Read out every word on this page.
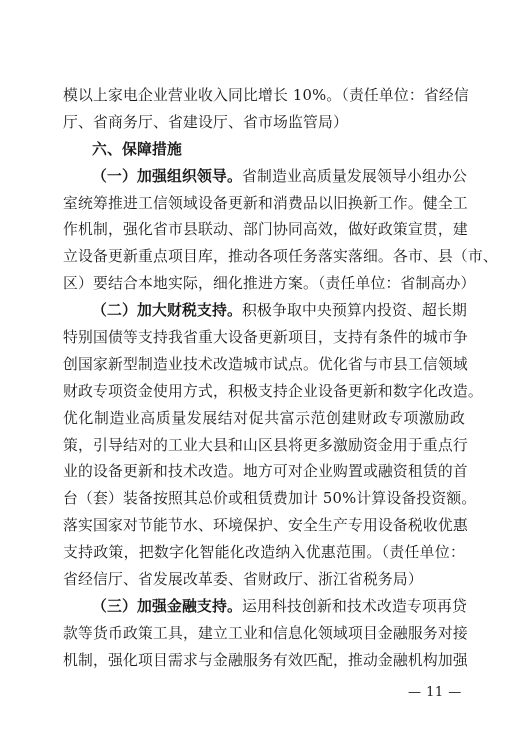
模以上家电企业营业收入同比增长 10%。（责任单位：省经信
厅、省商务厅、省建设厅、省市场监管局）
六、保障措施
（一）加强组织领导。省制造业高质量发展领导小组办公
室统筹推进工信领域设备更新和消费品以旧换新工作。健全工
作机制，强化省市县联动、部门协同高效，做好政策宣贯，建
立设备更新重点项目库，推动各项任务落实落细。各市、县（市、
区）要结合本地实际，细化推进方案。（责任单位：省制高办）
（二）加大财税支持。积极争取中央预算内投资、超长期
特别国债等支持我省重大设备更新项目，支持有条件的城市争
创国家新型制造业技术改造城市试点。优化省与市县工信领域
财政专项资金使用方式，积极支持企业设备更新和数字化改造。
优化制造业高质量发展结对促共富示范创建财政专项激励政
策，引导结对的工业大县和山区县将更多激励资金用于重点行
业的设备更新和技术改造。地方可对企业购置或融资租赁的首
台（套）装备按照其总价或租赁费加计 50%计算设备投资额。
落实国家对节能节水、环境保护、安全生产专用设备税收优惠
支持政策，把数字化智能化改造纳入优惠范围。（责任单位：
省经信厅、省发展改革委、省财政厅、浙江省税务局）
（三）加强金融支持。运用科技创新和技术改造专项再贷
款等货币政策工具，建立工业和信息化领域项目金融服务对接
机制，强化项目需求与金融服务有效匹配，推动金融机构加强
— 11 —
